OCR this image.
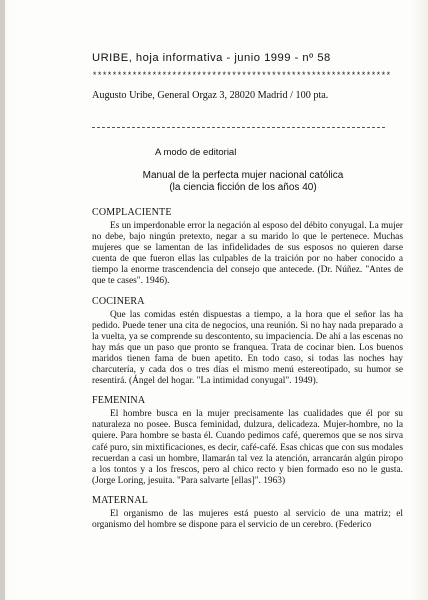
URIBE, hoja informativa - junio 1999 - nº 58
************************************************************
Augusto Uribe, General Orgaz 3, 28020 Madrid / 100 pta.
A modo de editorial
Manual de la perfecta mujer nacional católica
(la ciencia ficción de los años 40)
COMPLACIENTE

Es un imperdonable error la negación al esposo del débito conyugal. La mujer no debe, bajo ningún pretexto, negar a su marido lo que le pertenece. Muchas mujeres que se lamentan de las infidelidades de sus esposos no quieren darse cuenta de que fueron ellas las culpables de la traición por no haber conocido a tiempo la enorme trascendencia del consejo que antecede. (Dr. Núñez. "Antes de que te cases". 1946).

COCINERA

Que las comidas estén dispuestas a tiempo, a la hora que el señor las ha pedido. Puede tener una cita de negocios, una reunión. Si no hay nada preparado a la vuelta, ya se comprende su descontento, su impaciencia. De ahí a las escenas no hay más que un paso que pronto se franquea. Trata de cocinar bien. Los buenos maridos tienen fama de buen apetito. En todo caso, si todas las noches hay charcutería, y cada dos o tres días el mismo menú estereotipado, su humor se resentirá. (Ángel del hogar. "La intimidad conyugal". 1949).

FEMENINA

El hombre busca en la mujer precisamente las cualidades que él por su naturaleza no posee. Busca feminidad, dulzura, delicadeza. Mujer-hombre, no la quiere. Para hombre se basta él. Cuando pedimos café, queremos que se nos sirva café puro, sin mixtificaciones, es decir, café-café. Esas chicas que con sus modales recuerdan a casi un hombre, llamarán tal vez la atención, arrancarán algún piropo a los tontos y a los frescos, pero al chico recto y bien formado eso no le gusta. (Jorge Loring, jesuita. "Para salvarte [ellas]". 1963)

MATERNAL

El organismo de las mujeres está puesto al servicio de una matriz; el organismo del hombre se dispone para el servicio de un cerebro. (Federico
